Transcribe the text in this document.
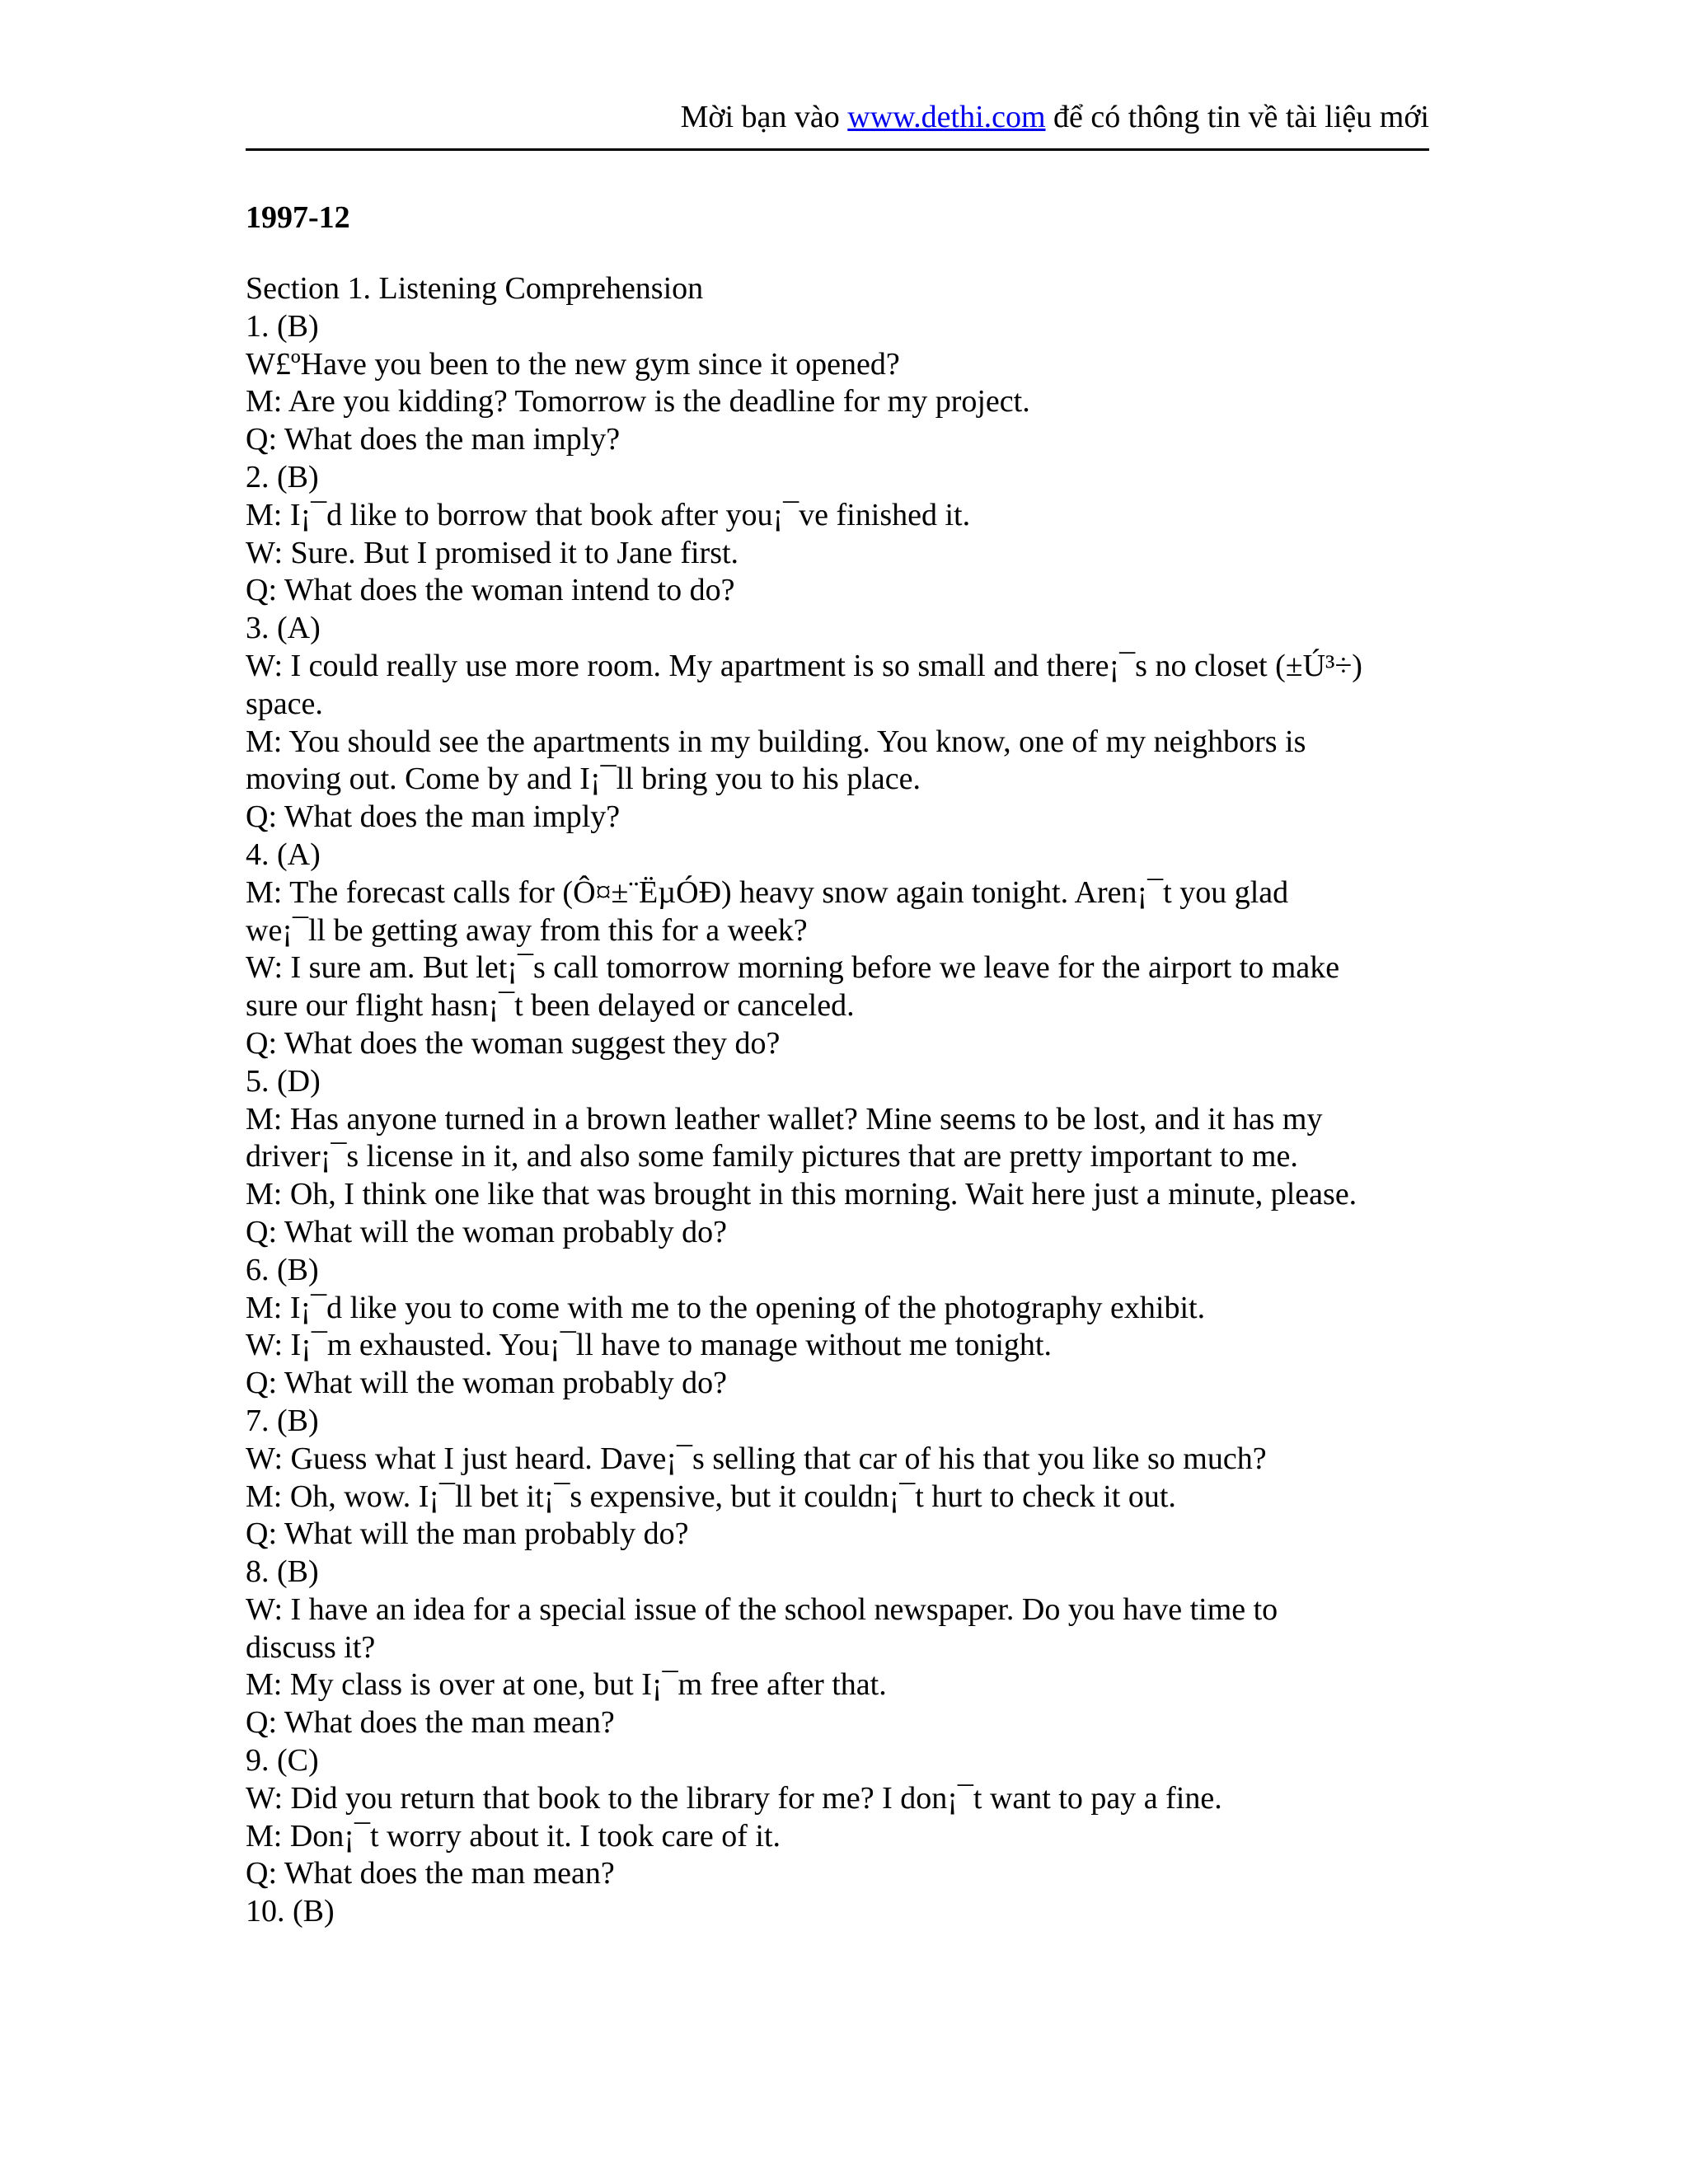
Mời bạn vào www.dethi.com để có thông tin về tài liệu mới
1997-12
Section 1. Listening Comprehension
1. (B)
W£ºHave you been to the new gym since it opened?
M: Are you kidding? Tomorrow is the deadline for my project.
Q: What does the man imply?
2. (B)
M: I¡¯d like to borrow that book after you¡¯ve finished it.
W: Sure. But I promised it to Jane first.
Q: What does the woman intend to do?
3. (A)
W: I could really use more room. My apartment is so small and there¡¯s no closet (±Ú³÷)
space.
M: You should see the apartments in my building. You know, one of my neighbors is
moving out. Come by and I¡¯ll bring you to his place.
Q: What does the man imply?
4. (A)
M: The forecast calls for (Ô¤±¨ËµÓÐ) heavy snow again tonight. Aren¡¯t you glad
we¡¯ll be getting away from this for a week?
W: I sure am. But let¡¯s call tomorrow morning before we leave for the airport to make
sure our flight hasn¡¯t been delayed or canceled.
Q: What does the woman suggest they do?
5. (D)
M: Has anyone turned in a brown leather wallet? Mine seems to be lost, and it has my
driver¡¯s license in it, and also some family pictures that are pretty important to me.
M: Oh, I think one like that was brought in this morning. Wait here just a minute, please.
Q: What will the woman probably do?
6. (B)
M: I¡¯d like you to come with me to the opening of the photography exhibit.
W: I¡¯m exhausted. You¡¯ll have to manage without me tonight.
Q: What will the woman probably do?
7. (B)
W: Guess what I just heard. Dave¡¯s selling that car of his that you like so much?
M: Oh, wow. I¡¯ll bet it¡¯s expensive, but it couldn¡¯t hurt to check it out.
Q: What will the man probably do?
8. (B)
W: I have an idea for a special issue of the school newspaper. Do you have time to
discuss it?
M: My class is over at one, but I¡¯m free after that.
Q: What does the man mean?
9. (C)
W: Did you return that book to the library for me? I don¡¯t want to pay a fine.
M: Don¡¯t worry about it. I took care of it.
Q: What does the man mean?
10. (B)
